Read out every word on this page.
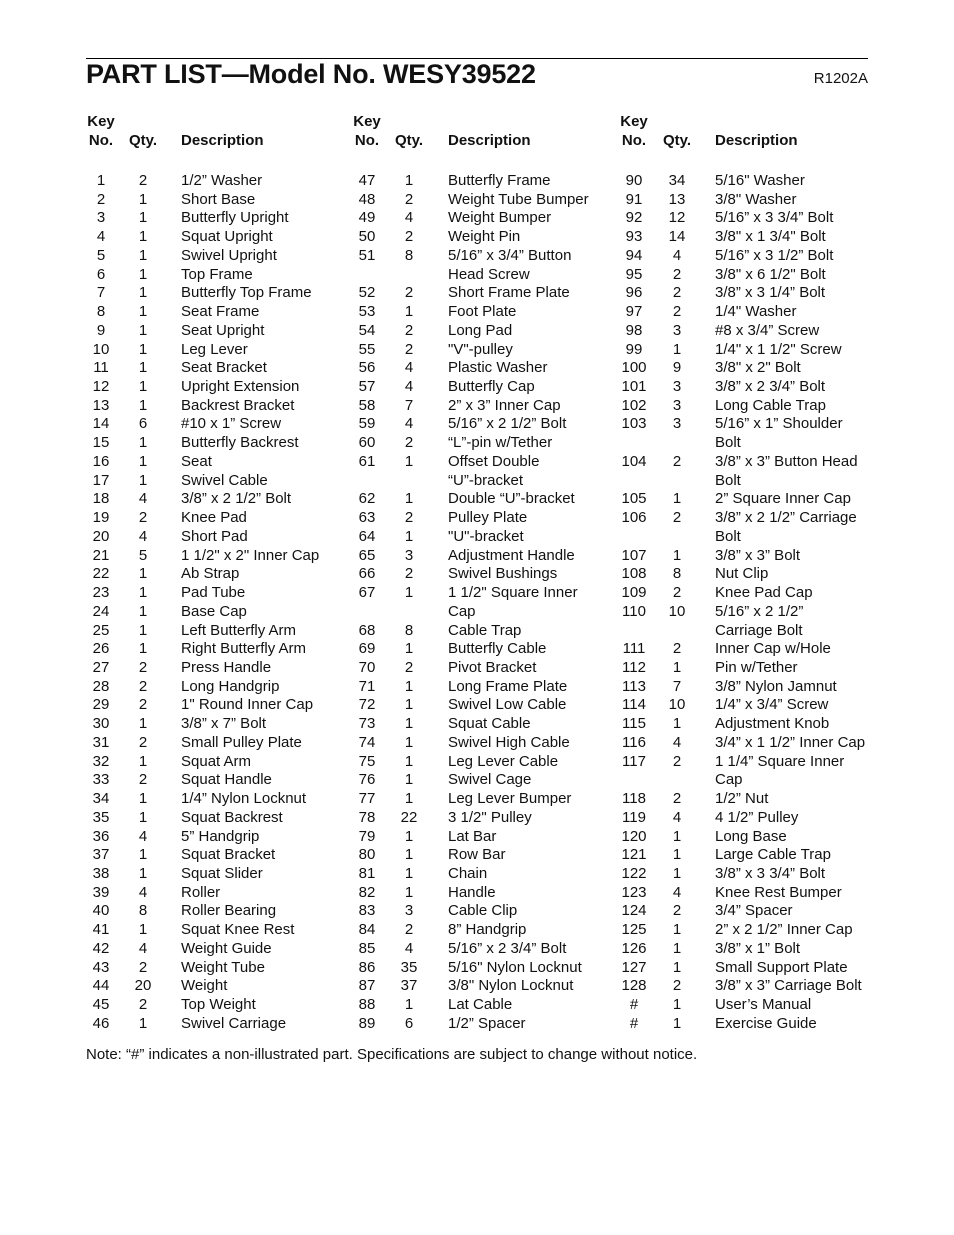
PART LIST—Model No. WESY39522	R1202A
Key
No. Qty. Description
Key
No. Qty. Description
Key
No. Qty. Description
1	2	1/2” Washer
2	1	Short Base
3	1	Butterfly Upright
4	1	Squat Upright
5	1	Swivel Upright
6	1	Top Frame
7	1	Butterfly Top Frame
8	1	Seat Frame
9	1	Seat Upright
10	1	Leg Lever
11	1	Seat Bracket
12	1	Upright Extension
13	1	Backrest Bracket
14	6	#10 x 1” Screw
15	1	Butterfly Backrest
16	1	Seat
17	1	Swivel Cable
18	4	3/8” x 2 1/2” Bolt
19	2	Knee Pad
20	4	Short Pad
21	5	1 1/2" x 2" Inner Cap
22	1	Ab Strap
23	1	Pad Tube
24	1	Base Cap
25	1	Left Butterfly Arm
26	1	Right Butterfly Arm
27	2	Press Handle
28	2	Long Handgrip
29	2	1" Round Inner Cap
30	1	3/8” x 7” Bolt
31	2	Small Pulley Plate
32	1	Squat Arm
33	2	Squat Handle
34	1	1/4” Nylon Locknut
35	1	Squat Backrest
36	4	5” Handgrip
37	1	Squat Bracket
38	1	Squat Slider
39	4	Roller
40	8	Roller Bearing
41	1	Squat Knee Rest
42	4	Weight Guide
43	2	Weight Tube
44	20	Weight
45	2	Top Weight
46	1	Swivel Carriage
47	1	Butterfly Frame
48	2	Weight Tube Bumper
49	4	Weight Bumper
50	2	Weight Pin
51	8	5/16” x 3/4” Button
Head Screw
52	2	Short Frame Plate
53	1	Foot Plate
54	2	Long Pad
55	2	"V"-pulley
56	4	Plastic Washer
57	4	Butterfly Cap
58	7	2” x 3” Inner Cap
59	4	5/16” x 2 1/2” Bolt
60	2	“L”-pin w/Tether
61	1	Offset Double
“U”-bracket
62	1	Double “U”-bracket
63	2	Pulley Plate
64	1	"U"-bracket
65	3	Adjustment Handle
66	2	Swivel Bushings
67	1	1 1/2" Square Inner
Cap
68	8	Cable Trap
69	1	Butterfly Cable
70	2	Pivot Bracket
71	1	Long Frame Plate
72	1	Swivel Low Cable
73	1	Squat Cable
74	1	Swivel High Cable
75	1	Leg Lever Cable
76	1	Swivel Cage
77	1	Leg Lever Bumper
78	22	3 1/2" Pulley
79	1	Lat Bar
80	1	Row Bar
81	1	Chain
82	1	Handle
83	3	Cable Clip
84	2	8” Handgrip
85	4	5/16” x 2 3/4” Bolt
86	35	5/16" Nylon Locknut
87	37	3/8" Nylon Locknut
88	1	Lat Cable
89	6	1/2” Spacer
90	34	5/16" Washer
91	13	3/8" Washer
92	12	5/16” x 3 3/4” Bolt
93	14	3/8" x 1 3/4" Bolt
94	4	5/16” x 3 1/2” Bolt
95	2	3/8" x 6 1/2" Bolt
96	2	3/8” x 3 1/4” Bolt
97	2	1/4" Washer
98	3	#8 x 3/4” Screw
99	1	1/4" x 1 1/2" Screw
100	9	3/8" x 2" Bolt
101	3	3/8” x 2 3/4” Bolt
102	3	Long Cable Trap
103	3	5/16” x 1” Shoulder
Bolt
104	2	3/8” x 3” Button Head
Bolt
105	1	2” Square Inner Cap
106	2	3/8” x 2 1/2” Carriage
Bolt
107	1	3/8” x 3” Bolt
108	8	Nut Clip
109	2	Knee Pad Cap
110	10	5/16” x 2 1/2”
Carriage Bolt
111	2	Inner Cap w/Hole
112	1	Pin w/Tether
113	7	3/8” Nylon Jamnut
114	10	1/4” x 3/4” Screw
115	1	Adjustment Knob
116	4	3/4” x 1 1/2” Inner Cap
117	2	1 1/4” Square Inner
Cap
118	2	1/2” Nut
119	4	4 1/2” Pulley
120	1	Long Base
121	1	Large Cable Trap
122	1	3/8” x 3 3/4” Bolt
123	4	Knee Rest Bumper
124	2	3/4” Spacer
125	1	2” x 2 1/2” Inner Cap
126	1	3/8” x 1” Bolt
127	1	Small Support Plate
128	2	3/8” x 3” Carriage Bolt
#	1	User’s Manual
#	1	Exercise Guide
Note: “#” indicates a non-illustrated part. Specifications are subject to change without notice.
